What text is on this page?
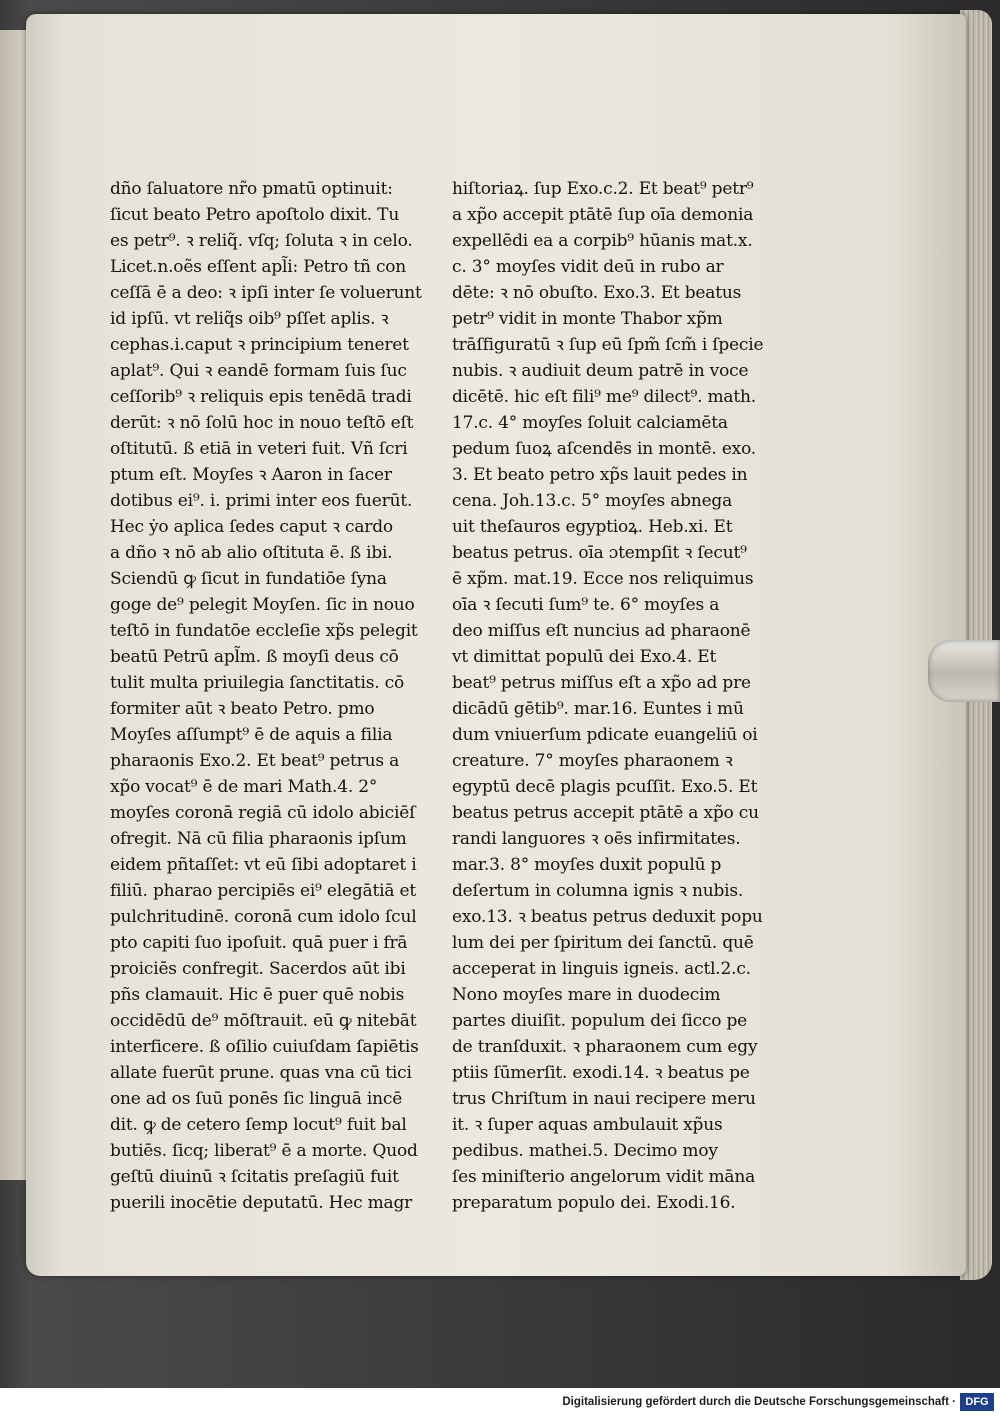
dño ſaluatore nr̃o pmatū optinuit:
ſicut beato Petro apoſtolo dixit. Tu
es petr⁹. ꝛ reliq̃. vſq; ſoluta ꝛ in celo.
Licet.n.oẽs eſſent apl̃i: Petro tñ con
ceſſā ē a deo: ꝛ ipſi inter ſe voluerunt
id ipſū. vt reliq̃s oib⁹ pſſet aplis. ꝛ
cephas.i.caput ꝛ principium teneret
aplat⁹. Qui ꝛ eandē formam ſuis ſuc
ceſſorib⁹ ꝛ reliquis epis tenēdā tradi
derūt: ꝛ nō ſolū hoc in nouo teſtō eſt
oſtitutū. ß etiā in veteri fuit. Vñ ſcri
ptum eſt. Moyſes ꝛ Aaron in ſacer
dotibus ei⁹. i. primi inter eos fuerūt.
Hec ẏo aplica ſedes caput ꝛ cardo
a dño ꝛ nō ab alio oſtituta ē. ß ibi.
Sciendū ꝙ ſicut in fundatiōe ſyna
goge de⁹ pelegit Moyſen. ſic in nouo
teſtō in fundatōe eccleſie xp̃s pelegit
beatū Petrū apl̃m. ß moyſi deus cō
tulit multa priuilegia ſanctitatis. cō
formiter aūt ꝛ beato Petro. pmo
Moyſes aſſumpt⁹ ē de aquis a filia
pharaonis Exo.2. Et beat⁹ petrus a
xp̃o vocat⁹ ē de mari Math.4. 2°
moyſes coronā regiā cū idolo abiciēſ
ofregit. Nā cū filia pharaonis ipſum
eidem pñtaſſet: vt eū ſibi adoptaret i
filiū. pharao percipiēs ei⁹ elegātiā et
pulchritudinē. coronā cum idolo ſcul
pto capiti ſuo ipoſuit. quā puer i frā
proiciēs confregit. Sacerdos aūt ibi
pñs clamauit. Hic ē puer quē nobis
occidēdū de⁹ mōſtrauit. eū ꝙ nitebāt
interficere. ß oſilio cuiuſdam ſapiētis
allate fuerūt prune. quas vna cū tici
one ad os ſuū ponēs ſic linguā incē
dit. ꝙ de cetero ſemp locut⁹ fuit bal
butiēs. ſicq; liberat⁹ ē a morte. Quod
geſtū diuinū ꝛ ſcitatis preſagiū fuit
puerili inocētie deputatū. Hec magr
hiſtoriaꝝ. ſup Exo.c.2. Et beat⁹ petr⁹
a xp̃o accepit ptātē ſup oīa demonia
expellēdi ea a corpib⁹ hūanis mat.x.
c. 3° moyſes vidit deū in rubo ar
dēte: ꝛ nō obuſto. Exo.3. Et beatus
petr⁹ vidit in monte Thabor xp̃m
trāſfiguratū ꝛ ſup eū ſpm̃ ſcm̃ i ſpecie
nubis. ꝛ audiuit deum patrē in voce
dicētē. hic eſt fili⁹ me⁹ dilect⁹. math.
17.c. 4° moyſes ſoluit calciamēta
pedum ſuoꝝ aſcendēs in montē. exo.
3. Et beato petro xp̃s lauit pedes in
cena. Joh.13.c. 5° moyſes abnega
uit theſauros egyptioꝝ. Heb.xi. Et
beatus petrus. oīa ɔtempſit ꝛ ſecut⁹
ē xp̃m. mat.19. Ecce nos reliquimus
oīa ꝛ ſecuti ſum⁹ te. 6° moyſes a
deo miſſus eſt nuncius ad pharaonē
vt dimittat populū dei Exo.4. Et
beat⁹ petrus miſſus eſt a xp̃o ad pre
dicādū gētib⁹. mar.16. Euntes i mū
dum vniuerſum pdicate euangeliū oi
creature. 7° moyſes pharaonem ꝛ
egyptū decē plagis pcuſſit. Exo.5. Et
beatus petrus accepit ptātē a xp̃o cu
randi languores ꝛ oēs infirmitates.
mar.3. 8° moyſes duxit populū p
deſertum in columna ignis ꝛ nubis.
exo.13. ꝛ beatus petrus deduxit popu
lum dei per ſpiritum dei ſanctū. quē
acceperat in linguis igneis. actl.2.c.
Nono moyſes mare in duodecim
partes diuiſit. populum dei ſicco pe
de tranſduxit. ꝛ pharaonem cum egy
ptiis ſūmerſit. exodi.14. ꝛ beatus pe
trus Chriſtum in naui recipere meru
it. ꝛ ſuper aquas ambulauit xp̃us
pedibus. mathei.5. Decimo moy
ſes miniſterio angelorum vidit māna
preparatum populo dei. Exodi.16.
Digitalisierung gefördert durch die Deutsche Forschungsgemeinschaft · DFG
